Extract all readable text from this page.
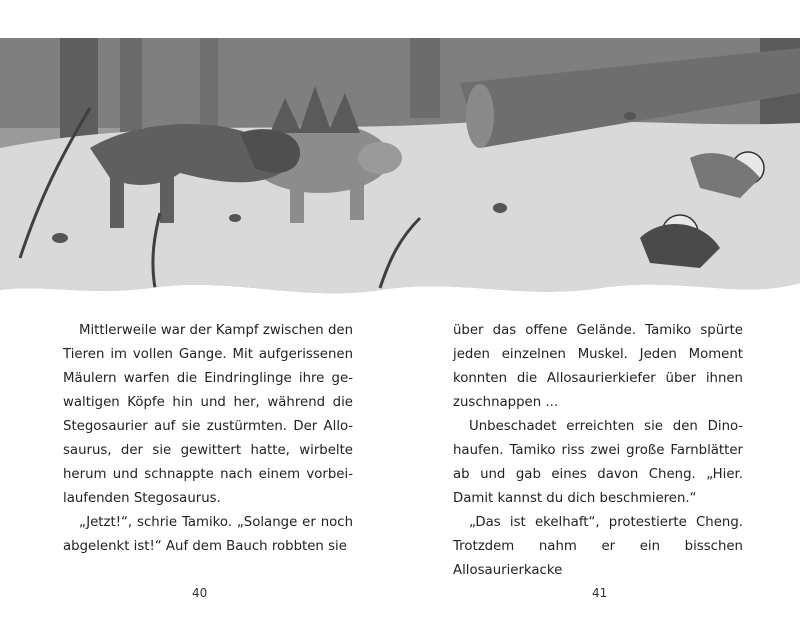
Mittlerweile war der Kampf zwischen den Tieren im vollen Gange. Mit aufgerissenen Mäulern warfen die Eindringlinge ihre gewaltigen Köpfe hin und her, während die Stegosaurier auf sie zustürmten. Der Allosaurus, der sie gewittert hatte, wirbelte herum und schnappte nach einem vorbeilaufenden Stegosaurus.

„Jetzt!“, schrie Tamiko. „Solange er noch abgelenkt ist!“ Auf dem Bauch robbten sie

über das offene Gelände. Tamiko spürte jeden einzelnen Muskel. Jeden Moment konnten die Allosaurierkiefer über ihnen zuschnappen ...

Unbeschadet erreichten sie den Dinohaufen. Tamiko riss zwei große Farnblätter ab und gab eines davon Cheng. „Hier. Damit kannst du dich beschmieren.“

„Das ist ekelhaft“, protestierte Cheng. Trotzdem nahm er ein bisschen Allosaurierkacke

40	41
